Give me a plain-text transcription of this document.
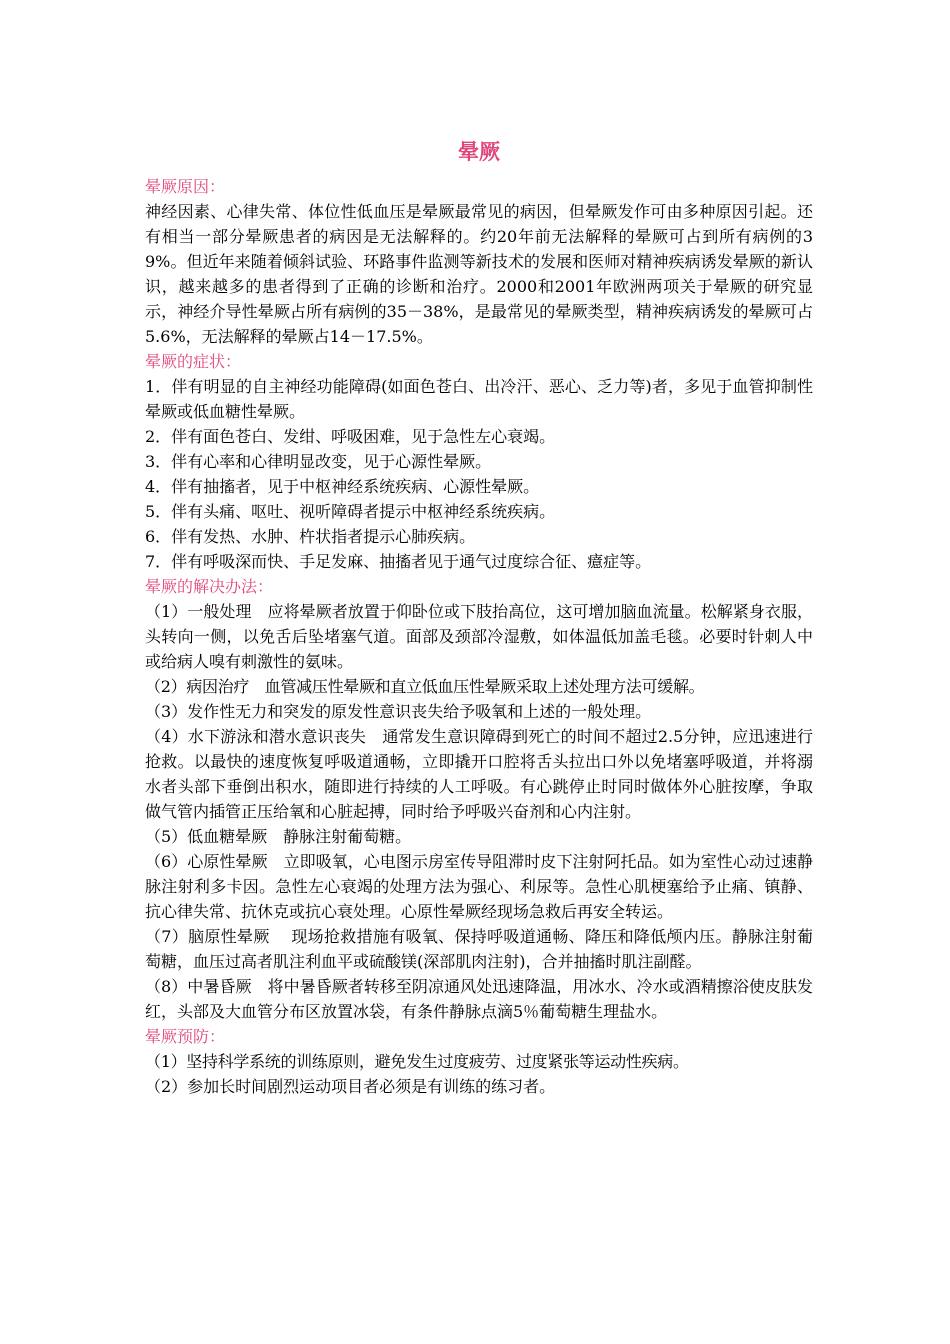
晕厥
晕厥原因：

神经因素、心律失常、体位性低血压是晕厥最常见的病因，但晕厥发作可由多种原因引起。还有相当一部分晕厥患者的病因是无法解释的。约20年前无法解释的晕厥可占到所有病例的39%。但近年来随着倾斜试验、环路事件监测等新技术的发展和医师对精神疾病诱发晕厥的新认识，越来越多的患者得到了正确的诊断和治疗。2000和2001年欧洲两项关于晕厥的研究显示，神经介导性晕厥占所有病例的35－38%，是最常见的晕厥类型，精神疾病诱发的晕厥可占5.6%，无法解释的晕厥占14－17.5%。

晕厥的症状：

1．伴有明显的自主神经功能障碍(如面色苍白、出冷汗、恶心、乏力等)者，多见于血管抑制性晕厥或低血糖性晕厥。

2．伴有面色苍白、发绀、呼吸困难，见于急性左心衰竭。

3．伴有心率和心律明显改变，见于心源性晕厥。

4．伴有抽搐者，见于中枢神经系统疾病、心源性晕厥。

5．伴有头痛、呕吐、视听障碍者提示中枢神经系统疾病。

6．伴有发热、水肿、杵状指者提示心肺疾病。

7．伴有呼吸深而快、手足发麻、抽搐者见于通气过度综合征、癔症等。

晕厥的解决办法：

（1）一般处理　应将晕厥者放置于仰卧位或下肢抬高位，这可增加脑血流量。松解紧身衣服，头转向一侧，以免舌后坠堵塞气道。面部及颈部冷湿敷，如体温低加盖毛毯。必要时针刺人中或给病人嗅有刺激性的氨味。

（2）病因治疗　血管减压性晕厥和直立低血压性晕厥采取上述处理方法可缓解。

（3）发作性无力和突发的原发性意识丧失给予吸氧和上述的一般处理。

（4）水下游泳和潜水意识丧失　通常发生意识障碍到死亡的时间不超过2.5分钟，应迅速进行抢救。以最快的速度恢复呼吸道通畅，立即撬开口腔将舌头拉出口外以免堵塞呼吸道，并将溺水者头部下垂倒出积水，随即进行持续的人工呼吸。有心跳停止时同时做体外心脏按摩，争取做气管内插管正压给氧和心脏起搏，同时给予呼吸兴奋剂和心内注射。

（5）低血糖晕厥　静脉注射葡萄糖。

（6）心原性晕厥　立即吸氧，心电图示房室传导阻滞时皮下注射阿托品。如为室性心动过速静脉注射利多卡因。急性左心衰竭的处理方法为强心、利尿等。急性心肌梗塞给予止痛、镇静、抗心律失常、抗休克或抗心衰处理。心原性晕厥经现场急救后再安全转运。

（7）脑原性晕厥　 现场抢救措施有吸氧、保持呼吸道通畅、降压和降低颅内压。静脉注射葡萄糖，血压过高者肌注利血平或硫酸镁(深部肌肉注射)，合并抽搐时肌注副醛。

（8）中暑昏厥　将中暑昏厥者转移至阴凉通风处迅速降温，用冰水、冷水或酒精擦浴使皮肤发红，头部及大血管分布区放置冰袋，有条件静脉点滴5％葡萄糖生理盐水。

晕厥预防：

（1）坚持科学系统的训练原则，避免发生过度疲劳、过度紧张等运动性疾病。

（2）参加长时间剧烈运动项目者必须是有训练的练习者。
